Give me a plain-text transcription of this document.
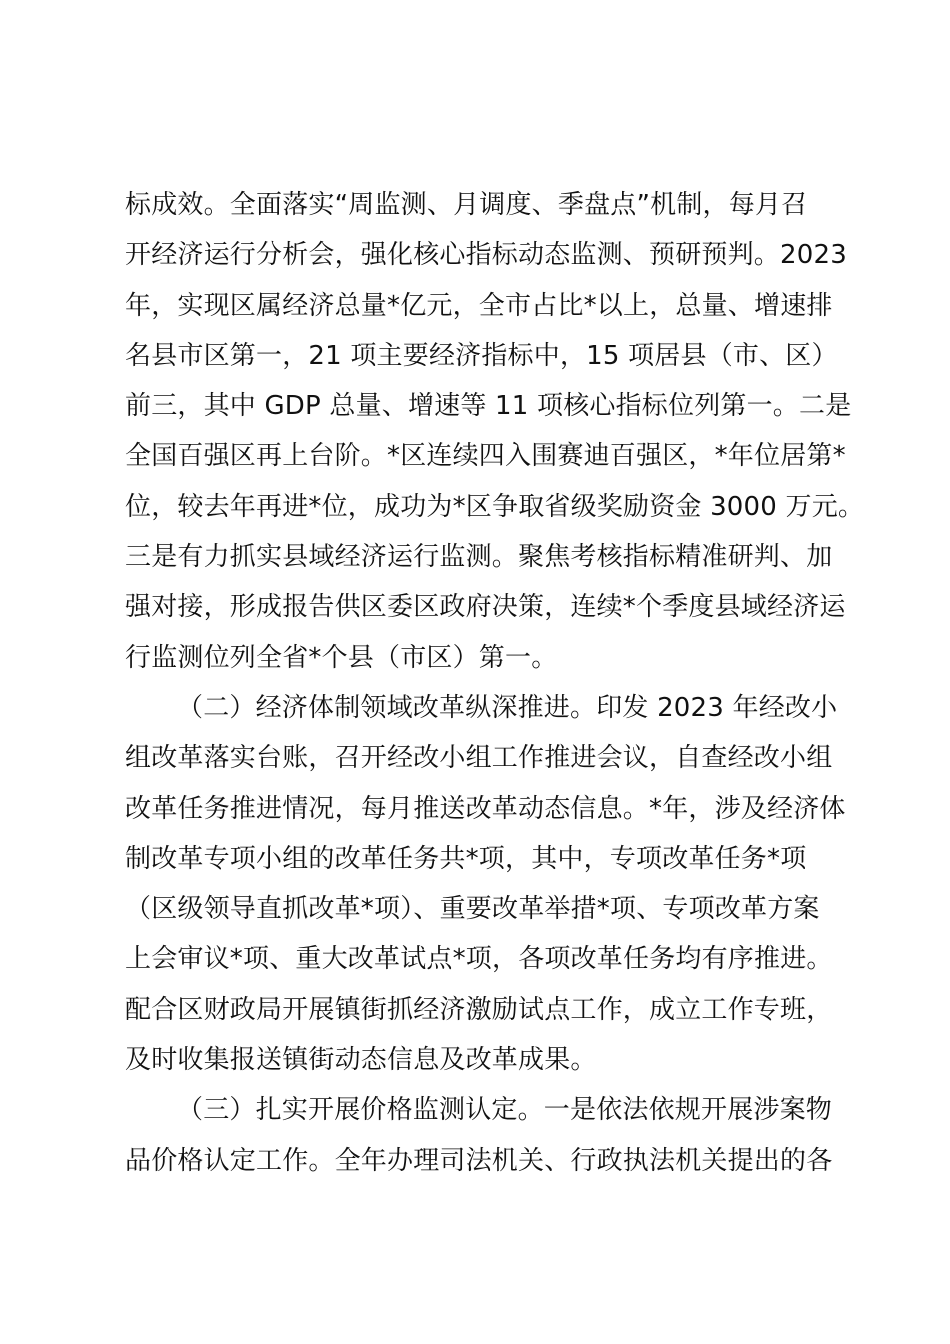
标成效。全面落实“周监测、月调度、季盘点”机制，每月召
开经济运行分析会，强化核心指标动态监测、预研预判。2023
年，实现区属经济总量*亿元，全市占比*以上，总量、增速排
名县市区第一，21 项主要经济指标中，15 项居县（市、区）
前三，其中 GDP 总量、增速等 11 项核心指标位列第一。二是
全国百强区再上台阶。*区连续四入围赛迪百强区，*年位居第*
位，较去年再进*位，成功为*区争取省级奖励资金 3000 万元。
三是有力抓实县域经济运行监测。聚焦考核指标精准研判、加
强对接，形成报告供区委区政府决策，连续*个季度县域经济运
行监测位列全省*个县（市区）第一。
（二）经济体制领域改革纵深推进。印发 2023 年经改小
组改革落实台账，召开经改小组工作推进会议，自查经改小组
改革任务推进情况，每月推送改革动态信息。*年，涉及经济体
制改革专项小组的改革任务共*项，其中，专项改革任务*项
（区级领导直抓改革*项）、重要改革举措*项、专项改革方案
上会审议*项、重大改革试点*项，各项改革任务均有序推进。
配合区财政局开展镇街抓经济激励试点工作，成立工作专班，
及时收集报送镇街动态信息及改革成果。
（三）扎实开展价格监测认定。一是依法依规开展涉案物
品价格认定工作。全年办理司法机关、行政执法机关提出的各
